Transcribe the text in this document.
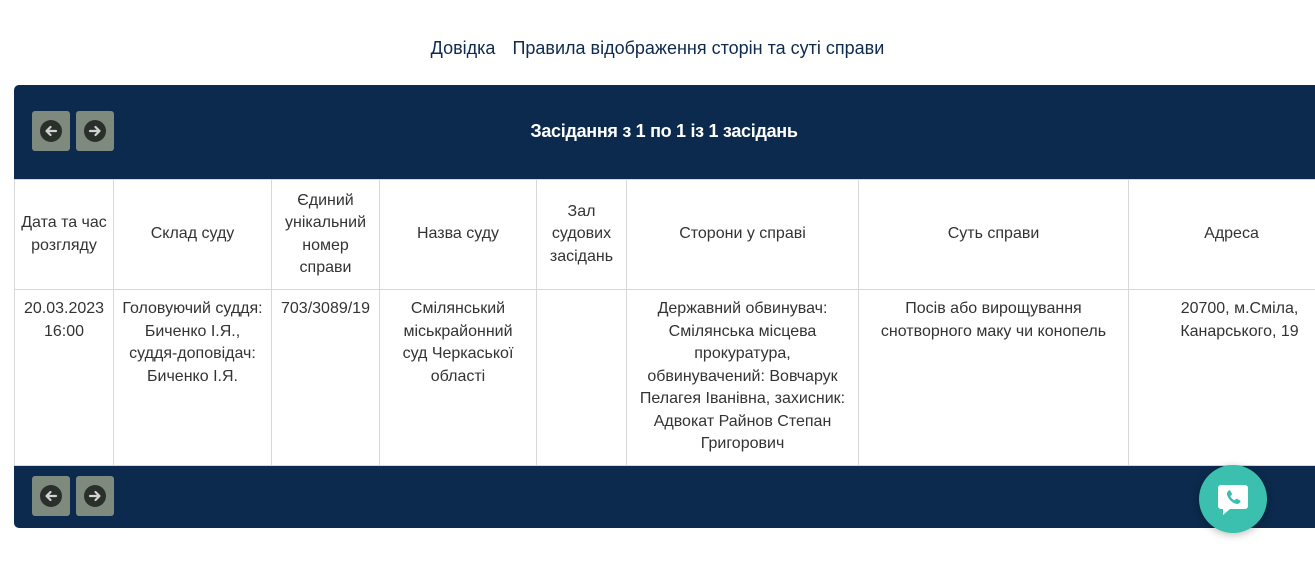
Довідка Правила відображення сторін та суті справи
Засідання з 1 по 1 із 1 засідань
Дата та час розгляду	Склад суду	Єдиний унікальний номер справи	Назва суду	Зал судових засідань	Сторони у справі	Суть справи	Адреса
20.03.2023 16:00	Головуючий суддя: Биченко І.Я., суддя-доповідач: Биченко І.Я.	703/3089/19	Смілянський міськрайонний суд Черкаської області		Державний обвинувач: Смілянська місцева прокуратура, обвинувачений: Вовчарук Пелагея Іванівна, захисник: Адвокат Райнов Степан Григорович	Посів або вирощування снотворного маку чи конопель	20700, м.Сміла, Канарського, 19
